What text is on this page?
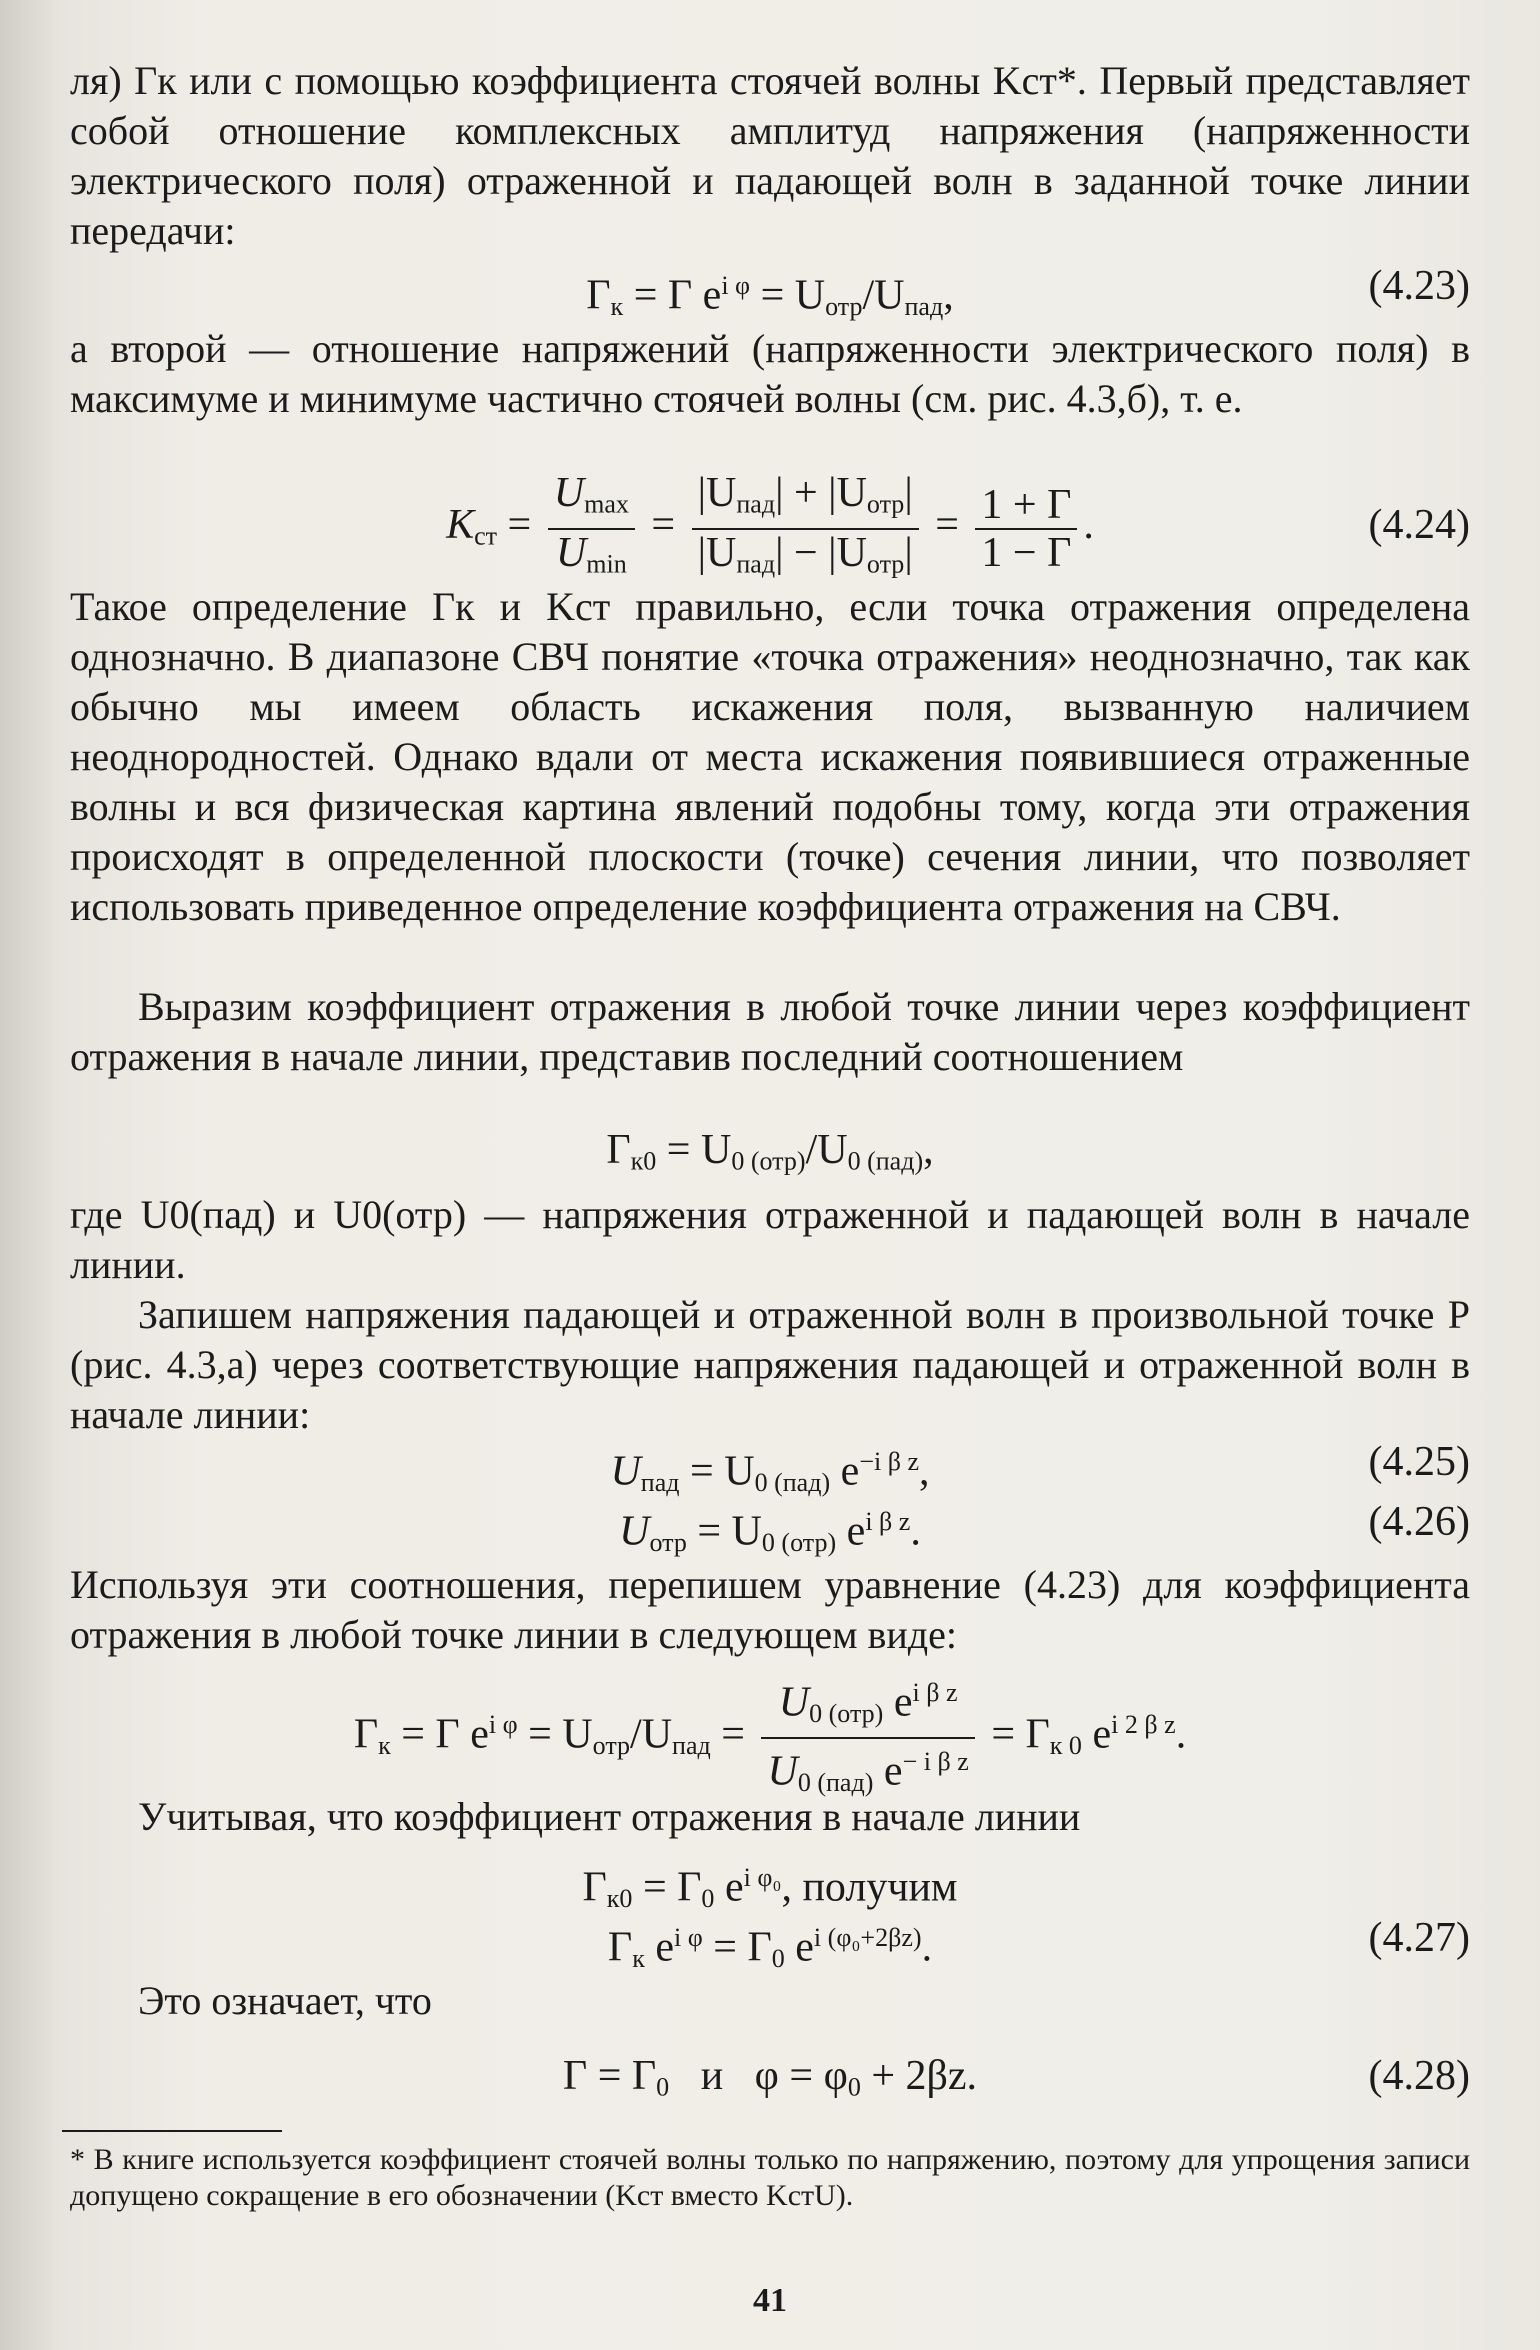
ля) Гк или с помощью коэффициента стоячей волны Kст*. Первый представляет собой отношение комплексных амплитуд напряжения (напряженности электрического поля) отраженной и падающей волн в заданной точке линии передачи:

$Г_к = Г$ $e^{i \varphi} = U_{отр}/U_{пад}$,	(4.23)

а второй — отношение напряжений (напряженности электрического поля) в максимуме и минимуме частично стоячей волны (см. рис. 4.3,б), т. е.

$K_{ст} = \frac{U_{max}}{U_{min}} = \frac{|U_{пад}| + |U_{отр}|}{|U_{пад}| - |U_{отр}|} = \frac{1 + Г}{1 - Г}$ .	(4.24)

Такое определение Гк и Kст правильно, если точка отражения определена однозначно. В диапазоне СВЧ понятие «точка отражения» неоднозначно, так как обычно мы имеем область искажения поля, вызванную наличием неоднородностей. Однако вдали от места искажения появившиеся отраженные волны и вся физическая картина явлений подобны тому, когда эти отражения происходят в определенной плоскости (точке) сечения линии, что позволяет использовать приведенное определение коэффициента отражения на СВЧ.

Выразим коэффициент отражения в любой точке линии через коэффициент отражения в начале линии, представив последний соотношением

$Г_{к0} = U_{0 (отр)}/U_{0 (пад)}$,

где U0(пад) и U0(отр) — напряжения отраженной и падающей волн в начале линии.

Запишем напряжения падающей и отраженной волн в произвольной точке P (рис. 4.3,а) через соответствующие напряжения падающей и отраженной волн в начале линии:

$U_{пад} = U_{0 (пад)}$ $e^{-i \beta z}$,	(4.25)
$U_{отр} = U_{0 (отр)}$ $e^{i \beta z}$.	(4.26)

Используя эти соотношения, перепишем уравнение (4.23) для коэффициента отражения в любой точке линии в следующем виде:

$Г_к = Г$ $e^{i \varphi} = U_{отр}/U_{пад} = \frac{U_{0 (отр)} e^{i \beta z}}{U_{0 (пад)} e^{- i \beta z}} = Г_{к 0}$ $e^{i 2 \beta z}$.

Учитывая, что коэффициент отражения в начале линии

$Г_{к0} = Г_0$ $e^{i \varphi_0}$, получим
$Г_к$ $e^{i \varphi} = Г_0$ $e^{i (\varphi_0+2\beta z)}$.	(4.27)

Это означает, что

$Г = Г_0$   и   $\varphi = \varphi_0 + 2\beta z$.	(4.28)
* В книге используется коэффициент стоячей волны только по напряжению, поэтому для упрощения записи допущено сокращение в его обозначении (Kст вместо KстU).
41
